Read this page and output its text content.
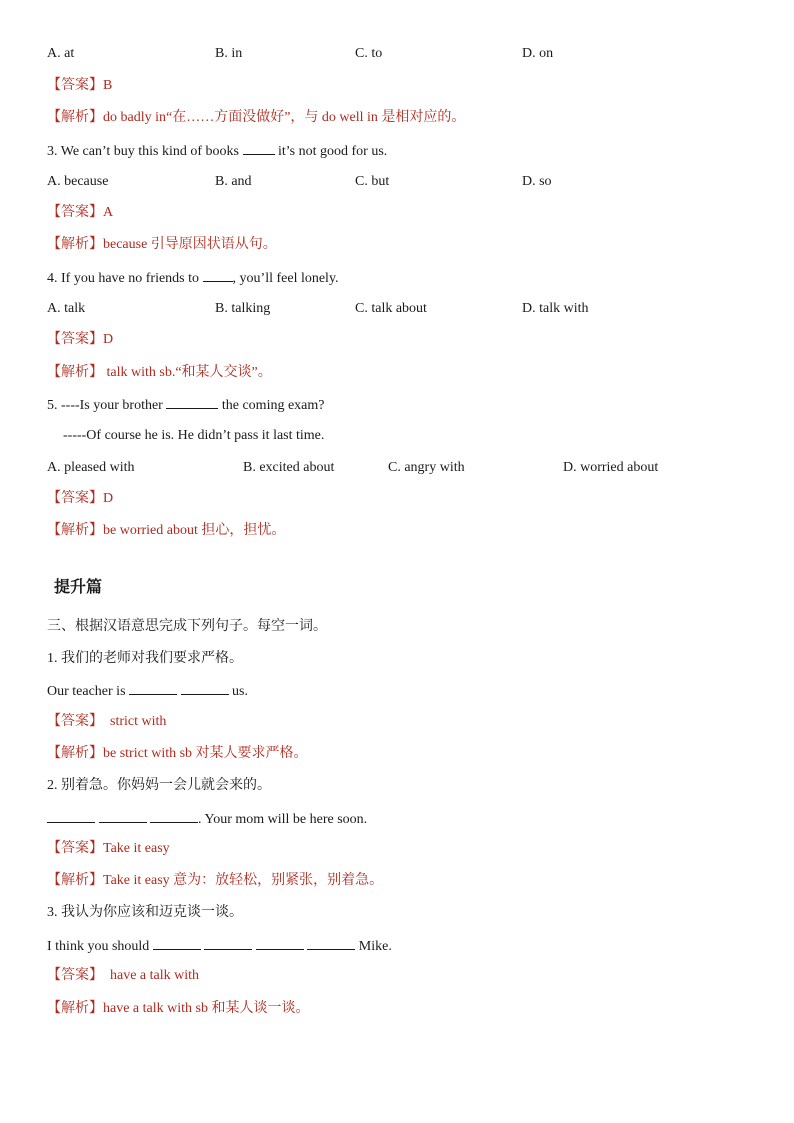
A. at	B. in	C. to	D. on
【答案】B
【解析】do badly in“在……方面没做好”，与 do well in 是相对应的。
3. We can’t buy this kind of books	it’s not good for us.
A. because	B. and	C. but	D. so
【答案】A
【解析】because 引导原因状语从句。
4. If you have no friends to , you’ll feel lonely.
A. talk	B. talking	C. talk about	D. talk with
【答案】D
【解析】 talk with sb.“和某人交谈”。
5. ----Is your brother	the coming exam?
-----Of course he is. He didn’t pass it last time.
A. pleased with	B. excited about	C. angry with	D. worried about
【答案】D
【解析】be worried about 担心，担忧。
提升篇
三、根据汉语意思完成下列句子。每空一词。
1. 我们的老师对我们要求严格。
Our teacher is	us.
【答案】 strict with
【解析】be strict with sb 对某人要求严格。
2. 别着急。你妈妈一会儿就会来的。
. Your mom will be here soon.
【答案】Take it easy
【解析】Take it easy 意为：放轻松，别紧张，别着急。
3. 我认为你应该和迈克谈一谈。
I think you should	Mike.
【答案】 have a talk with
【解析】have a talk with sb 和某人谈一谈。
